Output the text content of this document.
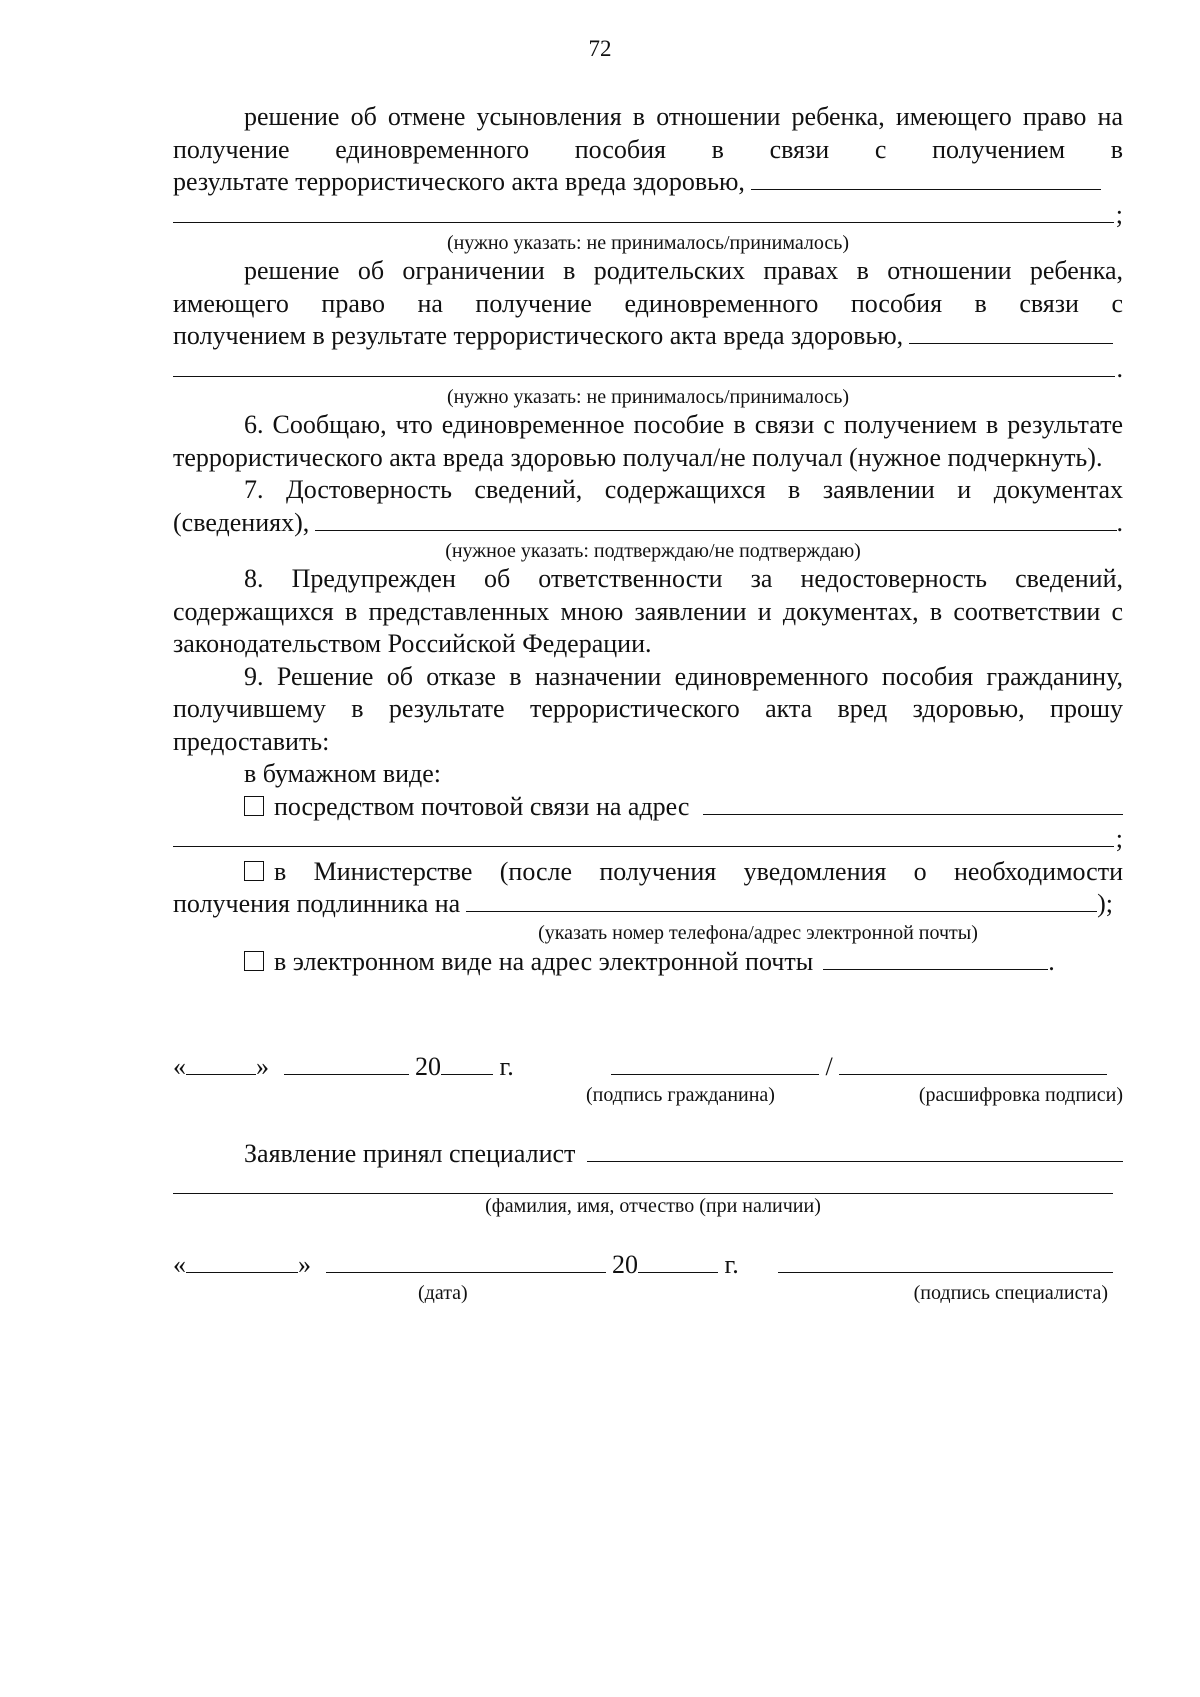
72

решение об отмене усыновления в отношении ребенка, имеющего право на получение единовременного пособия в связи с получением в

результате террористического акта вреда здоровью,
;
(нужно указать: не принималось/принималось)

решение об ограничении в родительских правах в отношении ребенка, имеющего право на получение единовременного пособия в связи с

получением в результате террористического акта вреда здоровью,
.
(нужно указать: не принималось/принималось)

6. Сообщаю, что единовременное пособие в связи с получением в результате террористического акта вреда здоровью получал/не получал (нужное подчеркнуть).

7. Достоверность сведений, содержащихся в заявлении и документах

(сведениях),	.
(нужное указать: подтверждаю/не подтверждаю)

8. Предупрежден об ответственности за недостоверность сведений, содержащихся в представленных мною заявлении и документах, в соответствии с законодательством Российской Федерации.

9. Решение об отказе в назначении единовременного пособия гражданину, получившему в результате террористического акта вред здоровью, прошу предоставить:

в бумажном виде:

посредством почтовой связи на адрес
;
в Министерстве (после получения уведомления о необходимости
получения подлинника на	);
(указать номер телефона/адрес электронной почты)
в электронном виде на адрес электронной почты	.
«	»	20 г.	/
(подпись гражданина)	(расшифровка подписи)
Заявление принял специалист
(фамилия, имя, отчество (при наличии)
«	»	20	г.
(дата)	(подпись специалиста)
